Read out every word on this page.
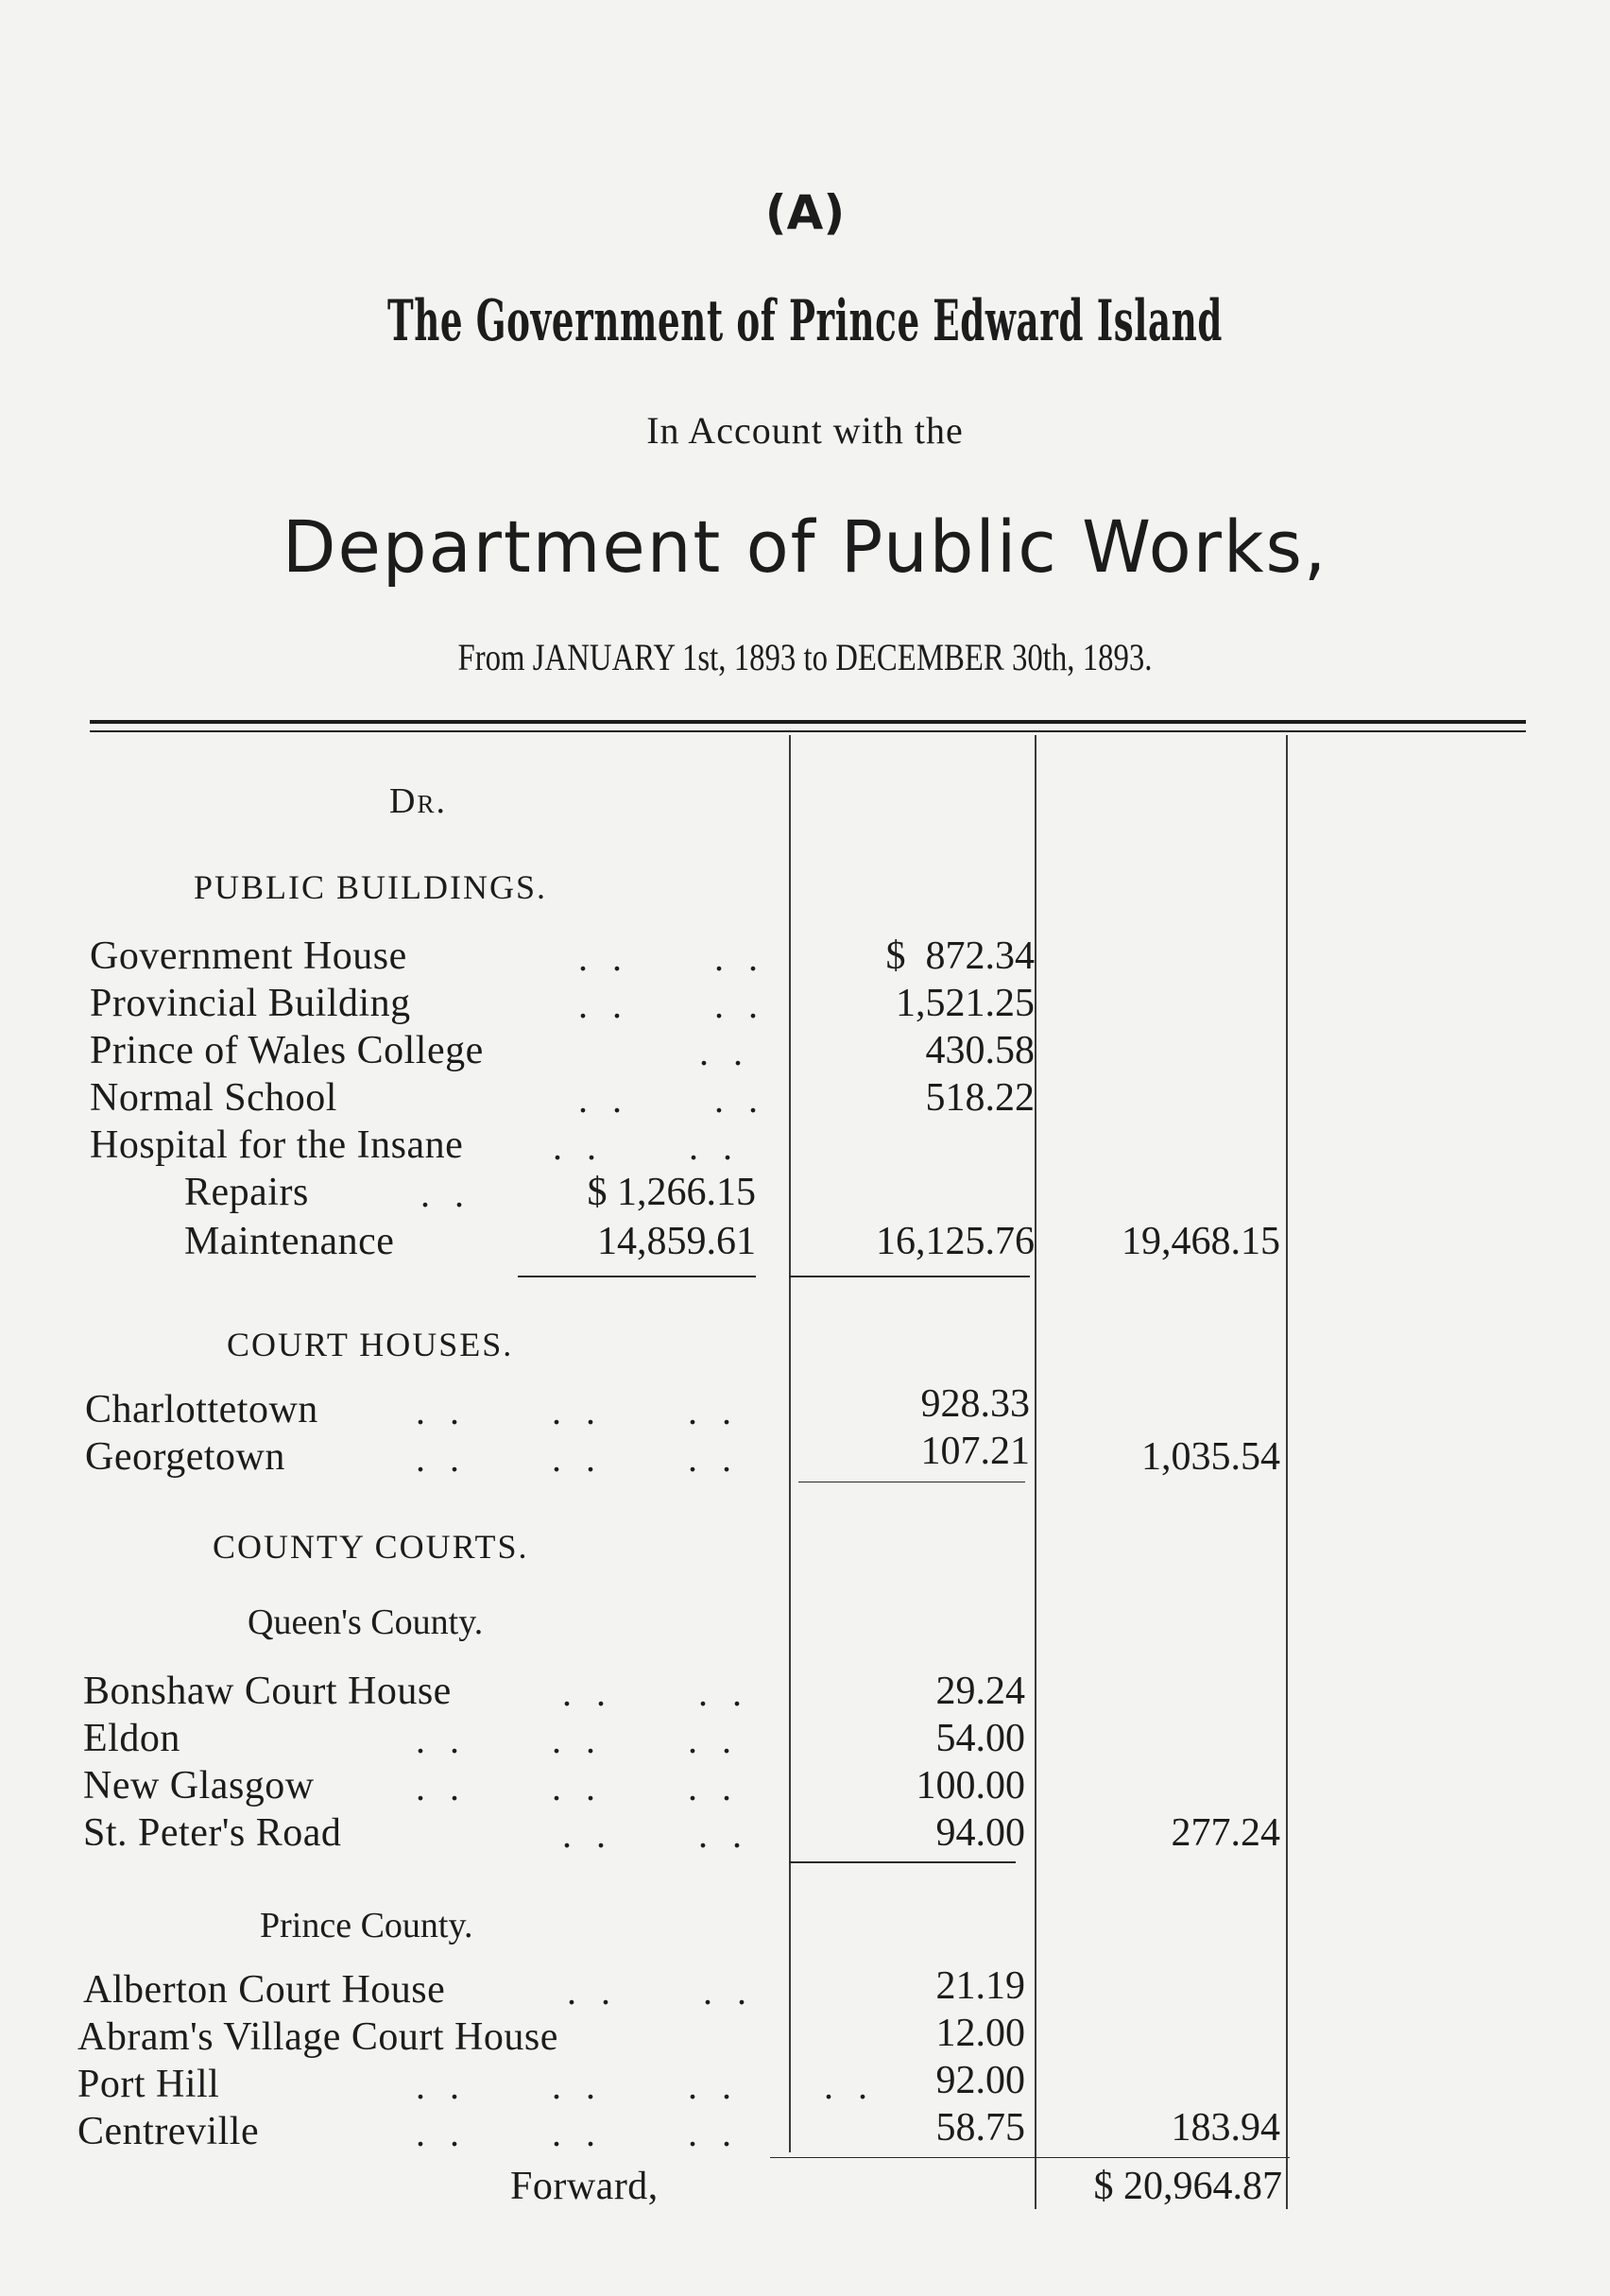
(A)
The Government of Prince Edward Island
In Account with the
Department of Public Works,
From JANUARY 1st, 1893 to DECEMBER 30th, 1893.
Dr.
PUBLIC BUILDINGS.
Government House	. .     . .	$  872.34
Provincial Building	. .     . .	1,521.25
Prince of Wales College	. .	430.58
Normal School	. .     . .	518.22
Hospital for the Insane . .     . .
Repairs	. .	$ 1,266.15
Maintenance	14,859.61	16,125.76	19,468.15
COURT HOUSES.
Charlottetown	. .     . .     . .	928.33
Georgetown	. .     . .     . .	107.21	1,035.54
COUNTY COURTS.
Queen's County.
Bonshaw Court House	. .     . .	29.24
Eldon	. .     . .     . .	54.00
New Glasgow	. .     . .     . .	100.00
St. Peter's Road	. .     . .	94.00	277.24
Prince County.
Alberton Court House	. .     . .	21.19
Abram's Village Court House	12.00
Port Hill	. .     . .     . .     . .	92.00
Centreville	. .     . .     . .	58.75	183.94
Forward,	$ 20,964.87
